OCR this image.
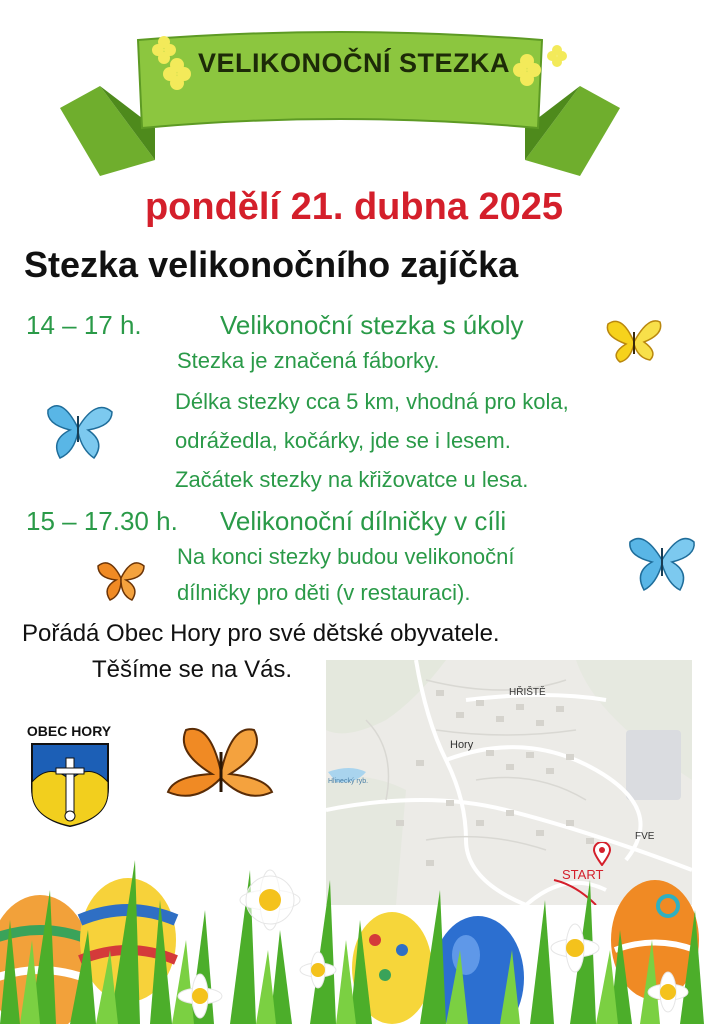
VELIKONOČNÍ STEZKA
pondělí 21. dubna 2025
Stezka velikonočního zajíčka
14 – 17 h.	Velikonoční stezka s úkoly
Stezka je značená fáborky.
Délka stezky cca 5 km, vhodná pro kola,
odrážedla, kočárky, jde se i lesem.
Začátek stezky na křižovatce u lesa.
15 – 17.30 h. Velikonoční dílničky v cíli
Na konci stezky budou velikonoční
dílničky pro děti (v restauraci).
Pořádá Obec Hory pro své dětské obyvatele.
Těšíme se na Vás.
OBEC HORY
HŘIŠTĚ
Hory
Hlinecký ryb.
FVE
START
